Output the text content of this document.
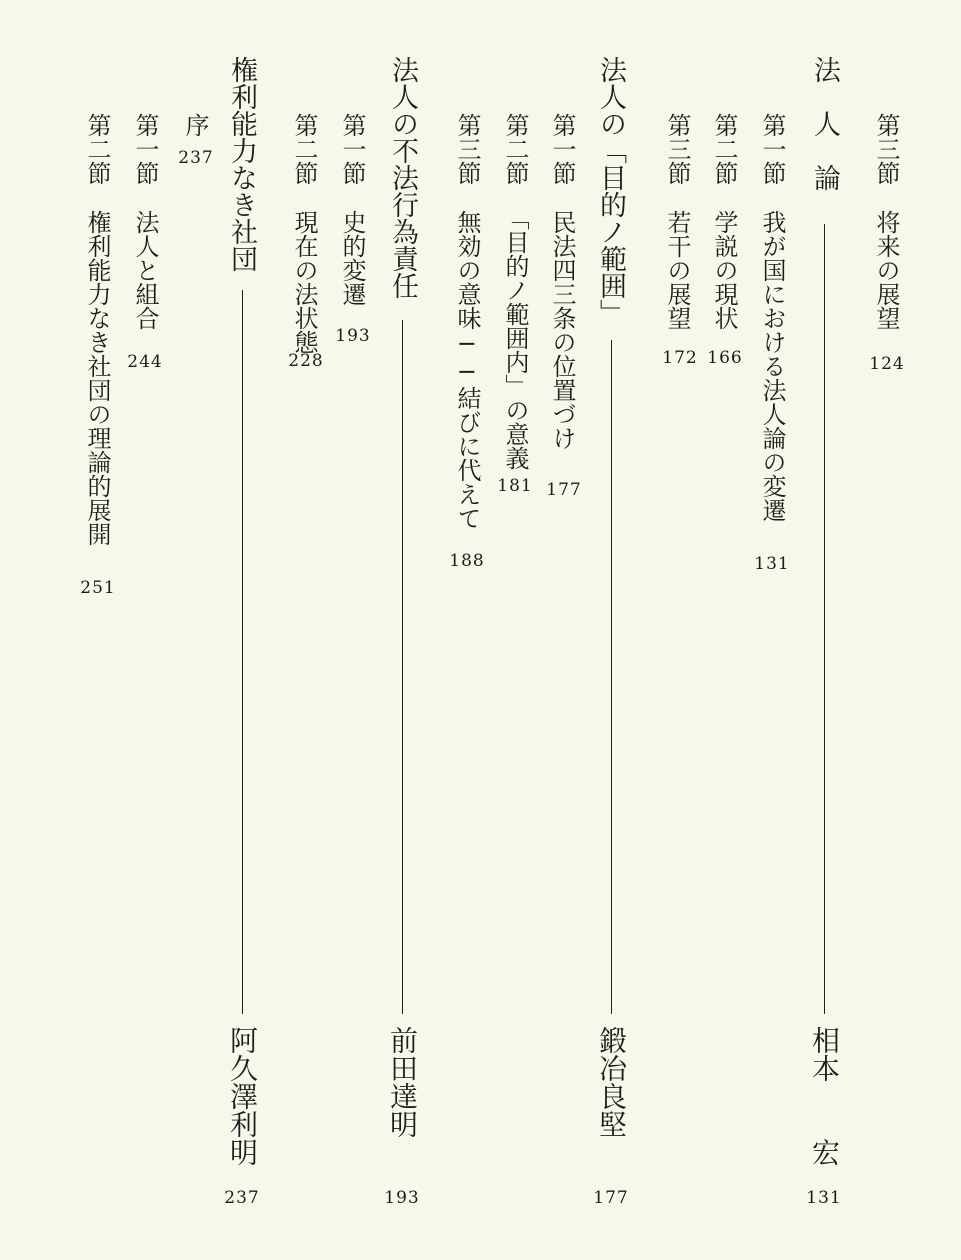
第三節
将来の展望
124
法　人　論
相本　　宏
131
第一節
我が国における法人論の変遷
131
第二節
学説の現状
166
第三節
若干の展望
172
法人の「目的ノ範囲」
鍛冶良堅
177
第一節
民法四三条の位置づけ
177
第二節
「目的ノ範囲内」の意義
181
第三節
無効の意味──結びに代えて
188
法人の不法行為責任
前田達明
193
第一節
史的変遷
193
第二節
現在の法状態
228
権利能力なき社団
阿久澤利明
237
序
237
第一節
法人と組合
244
第二節
権利能力なき社団の理論的展開
251
